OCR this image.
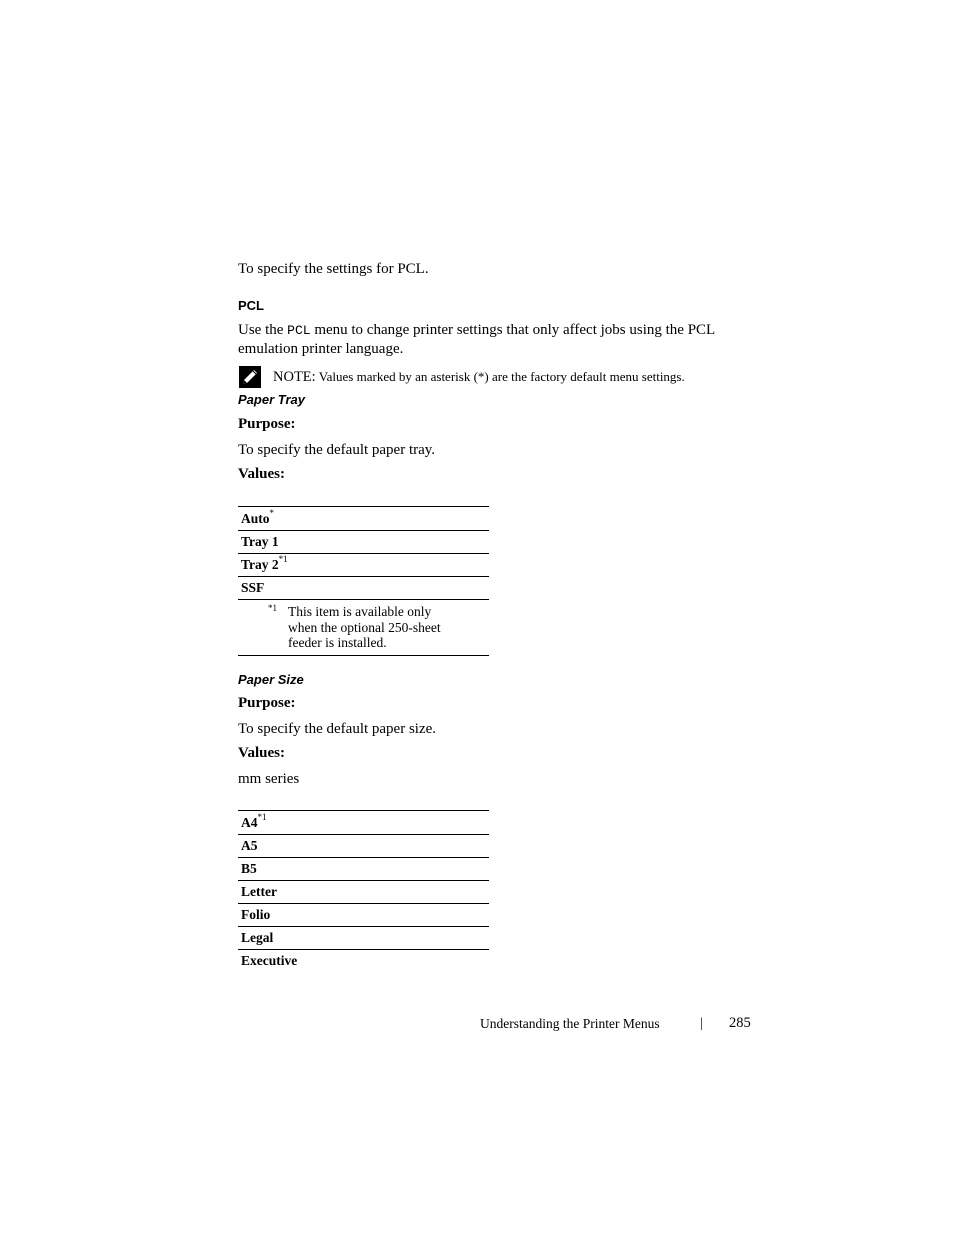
To specify the settings for PCL.
PCL
Use the PCL menu to change printer settings that only affect jobs using the PCL
emulation printer language.
NOTE: Values marked by an asterisk (*) are the factory default menu settings.
Paper Tray
Purpose:
To specify the default paper tray.
Values:
Auto*
Tray 1
Tray 2$^{*1}$
SSF

*1 This item is available only when the optional 250-sheet feeder is installed.
Paper Size
Purpose:
To specify the default paper size.
Values:
mm series
A4$^{*1}$
A5
B5
Letter
Folio
Legal
Executive
Understanding the Printer Menus	| 285
